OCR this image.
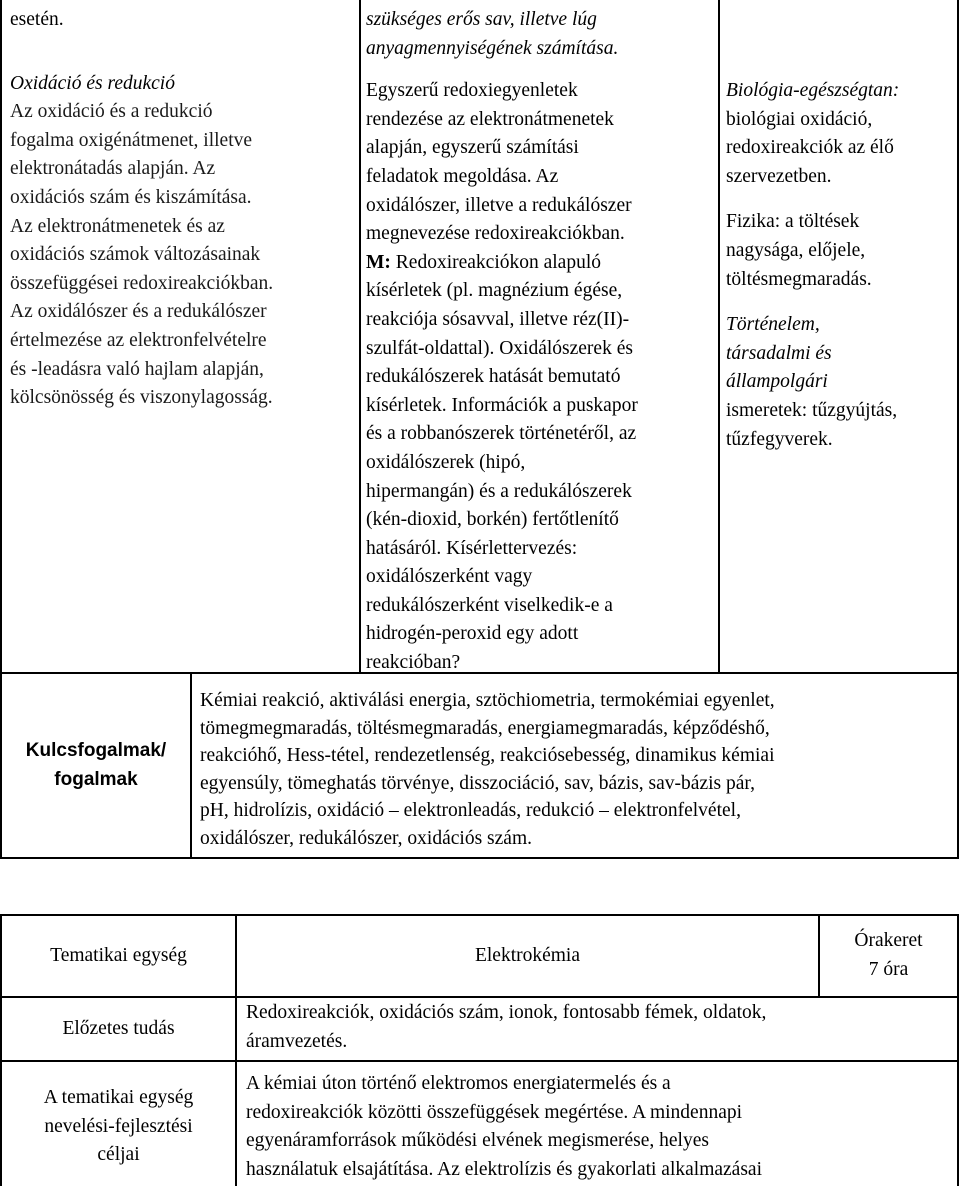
esetén.

Oxidáció és redukció

Az oxidáció és a redukció
fogalma oxigénátmenet, illetve
elektronátadás alapján. Az
oxidációs szám és kiszámítása.
Az elektronátmenetek és az
oxidációs számok változásainak
összefüggései redoxireakciókban.
Az oxidálószer és a redukálószer
értelmezése az elektronfelvételre
és -leadásra való hajlam alapján,
kölcsönösség és viszonylagosság.

szükséges erős sav, illetve lúg
anyagmennyiségének számítása.

Egyszerű redoxiegyenletek
rendezése az elektronátmenetek
alapján, egyszerű számítási
feladatok megoldása. Az
oxidálószer, illetve a redukálószer
megnevezése redoxireakciókban.

M: Redoxireakciókon alapuló
kísérletek (pl. magnézium égése,
reakciója sósavval, illetve réz(II)-
szulfát-oldattal). Oxidálószerek és
redukálószerek hatását bemutató
kísérletek. Információk a puskapor
és a robbanószerek történetéről, az
oxidálószerek (hipó,
hipermangán) és a redukálószerek
(kén-dioxid, borkén) fertőtlenítő
hatásáról. Kísérlettervezés:
oxidálószerként vagy
redukálószerként viselkedik-e a
hidrogén-peroxid egy adott
reakcióban?

Biológia-egészségtan:

biológiai oxidáció,
redoxireakciók az élő
szervezetben.

Fizika: a töltések
nagysága, előjele,
töltésmegmaradás.

Történelem,
társadalmi és
állampolgári

ismeretek: tűzgyújtás,
tűzfegyverek.

Kulcsfogalmak/
fogalmak

Kémiai reakció, aktiválási energia, sztöchiometria, termokémiai egyenlet,
tömegmegmaradás, töltésmegmaradás, energiamegmaradás, képződéshő,
reakcióhő, Hess-tétel, rendezetlenség, reakciósebesség, dinamikus kémiai
egyensúly, tömeghatás törvénye, disszociáció, sav, bázis, sav-bázis pár,
pH, hidrolízis, oxidáció – elektronleadás, redukció – elektronfelvétel,
oxidálószer, redukálószer, oxidációs szám.

Tematikai egység	Elektrokémia

Órakeret
7 óra

Előzetes tudás

Redoxireakciók, oxidációs szám, ionok, fontosabb fémek, oldatok,
áramvezetés.

A tematikai egység
nevelési-fejlesztési
céljai

A kémiai úton történő elektromos energiatermelés és a
redoxireakciók közötti összefüggések megértése. A mindennapi
egyenáramforrások működési elvének megismerése, helyes
használatuk elsajátítása. Az elektrolízis és gyakorlati alkalmazásai
